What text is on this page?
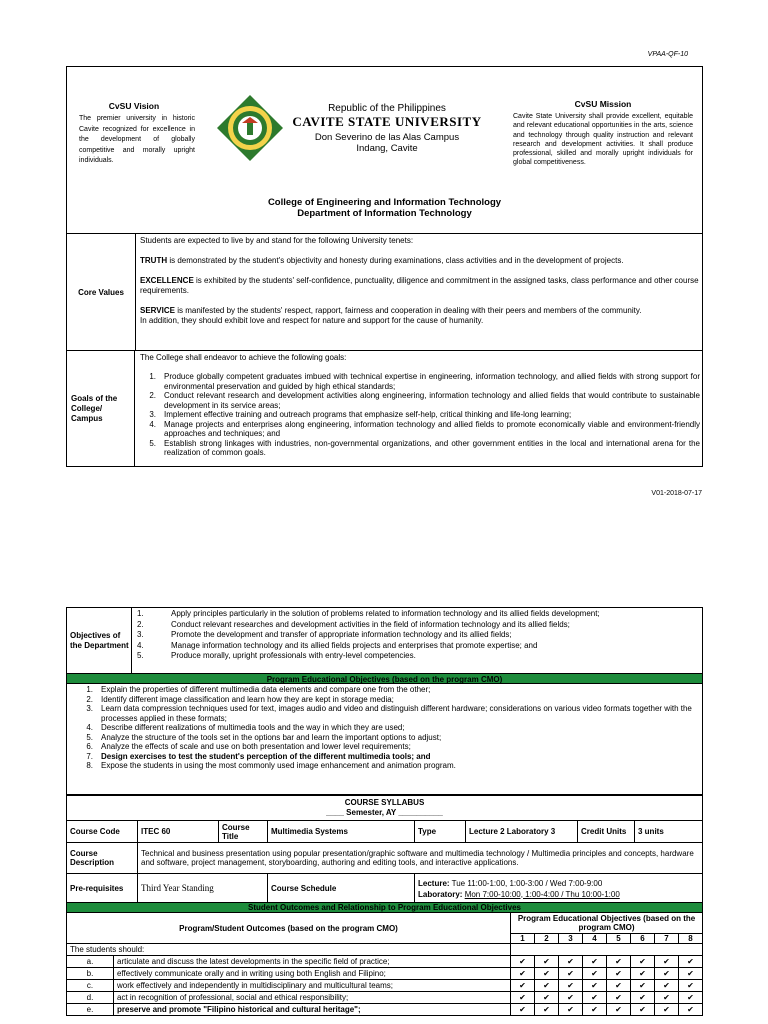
VPAA-QF-10
CvSU Vision
The premier university in historic Cavite recognized for excellence in the development of globally competitive and morally upright individuals.
Republic of the Philippines
CAVITE STATE UNIVERSITY
Don Severino de las Alas Campus
Indang, Cavite
CvSU Mission
Cavite State University shall provide excellent, equitable and relevant educational opportunities in the arts, science and technology through quality instruction and relevant research and development activities. It shall produce professional, skilled and morally upright individuals for global competitiveness.
College of Engineering and Information Technology
Department of Information Technology
Core Values
Students are expected to live by and stand for the following University tenets:
TRUTH is demonstrated by the student's objectivity and honesty during examinations, class activities and in the development of projects.
EXCELLENCE is exhibited by the students' self-confidence, punctuality, diligence and commitment in the assigned tasks, class performance and other course requirements.
SERVICE is manifested by the students' respect, rapport, fairness and cooperation in dealing with their peers and members of the community.
In addition, they should exhibit love and respect for nature and support for the cause of humanity.
Goals of the College/ Campus
The College shall endeavor to achieve the following goals:
1.	Produce globally competent graduates imbued with technical expertise in engineering, information technology, and allied fields with strong support for environmental preservation and guided by high ethical standards;
2.	Conduct relevant research and development activities along engineering, information technology and allied fields that would contribute to sustainable development in its service areas;
3.	Implement effective training and outreach programs that emphasize self-help, critical thinking and life-long learning;
4.	Manage projects and enterprises along engineering, information technology and allied fields to promote economically viable and environment-friendly approaches and techniques; and
5.	Establish strong linkages with industries, non-governmental organizations, and other government entities in the local and international arena for the realization of common goals.
V01-2018-07-17
Objectives of the Department
1.	Apply principles particularly in the solution of problems related to information technology and its allied fields development;
2.	Conduct relevant researches and development activities in the field of information technology and its allied fields;
3.	Promote the development and transfer of appropriate information technology and its allied fields;
4.	Manage information technology and its allied fields projects and enterprises that promote expertise; and
5.	Produce morally, upright professionals with entry-level competencies.
Program Educational Objectives (based on the program CMO)
1.	Explain the properties of different multimedia data elements and compare one from the other;
2.	Identify different image classification and learn how they are kept in storage media;
3.	Learn data compression techniques used for text, images audio and video and distinguish different hardware; considerations on various video formats together with the processes applied in these formats;
4.	Describe different realizations of multimedia tools and the way in which they are used;
5.	Analyze the structure of the tools set in the options bar and learn the important options to adjust;
6.	Analyze the effects of scale and use on both presentation and lower level requirements;
7.	Design exercises to test the student's perception of the different multimedia tools; and
8.	Expose the students in using the most commonly used image enhancement and animation program.
COURSE SYLLABUS
____ Semester, AY __________							

Course Code	ITEC 60	Course Title	Multimedia Systems	Type	Lecture 2 Laboratory 3	Credit Units	3 units
Course Description	Technical and business presentation using popular presentation/graphic software and multimedia technology / Multimedia principles and concepts, hardware and software, project management, storyboarding, authoring and editing tools, and interactive applications.						
Pre-requisites	Third Year Standing		Course Schedule	Lecture: Tue 11:00-1:00, 1:00-3:00 / Wed 7:00-9:00
Laboratory: Mon 7:00-10:00, 1:00-4:00 / Thu 10:00-1:00			
Student Outcomes and Relationship to Program Educational Objectives									
Program/Student Outcomes (based on the program CMO)		Program Educational Objectives (based on the program CMO)							
		1	2	3	4	5	6	7	8
The students should:									
a.	articulate and discuss the latest developments in the specific field of practice;	✔	✔	✔	✔	✔	✔	✔	✔
b.	effectively communicate orally and in writing using both English and Filipino;	✔	✔	✔	✔	✔	✔	✔	✔
c.	work effectively and independently in multidisciplinary and multicultural teams;	✔	✔	✔	✔	✔	✔	✔	✔
d.	act in recognition of professional, social and ethical responsibility;	✔	✔	✔	✔	✔	✔	✔	✔
e.	preserve and promote "Filipino historical and cultural heritage";	✔	✔	✔	✔	✔	✔	✔	✔
